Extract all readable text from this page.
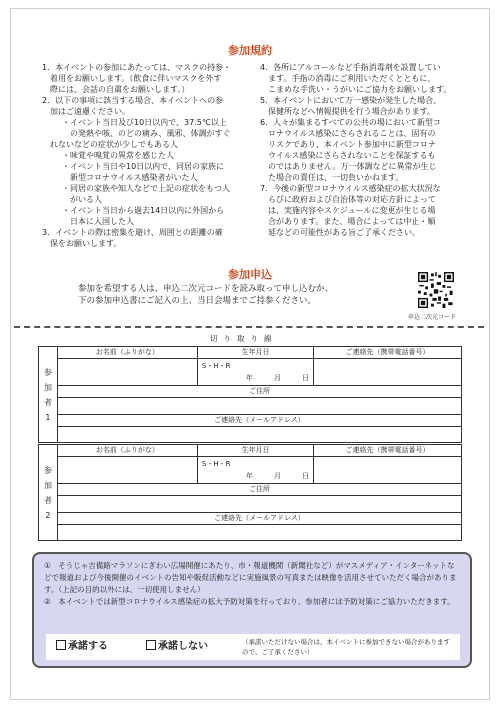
参加規約
1．本イベントの参加にあたっては、マスクの持参・
　着用をお願いします。（飲食に伴いマスクを外す
　際には、会話の自粛をお願いします。）
2．以下の事項に該当する場合、本イベントへの参
　加はご遠慮ください。
・イベント当日及び10日以内で、37.5℃以上
　の発熱や咳、のどの痛み、風邪、体調がすぐ
　れないなどの症状が少しでもある人
・味覚や嗅覚の異常を感じた人
・イベント当日や10日以内で、同居の家族に
　新型コロナウイルス感染者がいた人
・同居の家族や知人などで上記の症状をもつ人
　がいる人
・イベント当日から過去14日以内に外国から
　日本に入国した人
3．イベントの際は密集を避け、周囲との距離の確
　保をお願いします。
4．各所にアルコールなど手指消毒剤を設置してい
　ます。手指の消毒にご利用いただくとともに、
　こまめな手洗い・うがいにご協力をお願いします。
5．本イベントにおいて万一感染が発生した場合、
　保健所などへ情報提供を行う場合があります。
6．人々が集まるすべての公共の場において新型コ
　ロナウイルス感染にさらされることは、固有の
　リスクであり、本イベント参加中に新型コロナ
　ウイルス感染にさらされないことを保証するも
　のではありません。万一体調などに異常が生じ
　た場合の責任は、一切負いかねます。
7．今後の新型コロナウイルス感染症の拡大状況な
　らびに政府および自治体等の対応方針によって
　は、実施内容やスケジュールに変更が生じる場
　合があります。また、場合によっては中止・順
　延などの可能性がある旨ご了承ください。
参加申込
参加を希望する人は、申込二次元コードを読み取って申し込むか、
下の参加申込書にご記入の上、当日会場までご持参ください。
申込二次元コード
切り取り線
参
加
者
1	お名前（ふりがな）	生年月日	ご連絡先（携帯電話番号）

		S・H・R
年　　　月　　　日	

	ご住所		

	ご連絡先（メールアドレス）		

参
加
者
2	お名前（ふりがな）	生年月日	ご連絡先（携帯電話番号）

		S・H・R
年　　　月　　　日	

	ご住所		

	ご連絡先（メールアドレス）		

①　そうじゃ吉備路マラソンにぎわい広場開催にあたり、市・報道機関（新聞社など）がマスメディア・インターネットなどで報道および今後開催のイベントの告知や販促活動などに実施風景の写真または映像を活用させていただく場合があります。（上記の目的以外には、一切使用しません）

②　本イベントでは新型コロナウイルス感染症の拡大予防対策を行っており、参加者には予防対策にご協力いただきます。

承諾する	承諾しない	（承諾いただけない場合は、本イベントに参加できない場合がありますので、ご了承ください）
